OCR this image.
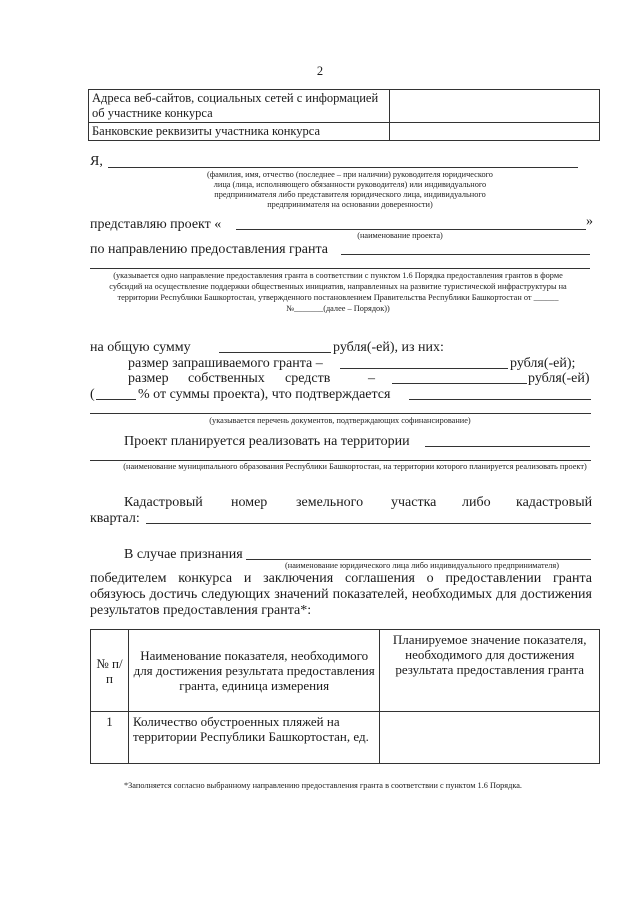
2
Адреса веб-сайтов, социальных сетей с информацией об участнике конкурса	
Банковские реквизиты участника конкурса	
Я,
(фамилия, имя, отчество (последнее – при наличии) руководителя юридического лица (лица, исполняющего обязанности руководителя) или индивидуального предпринимателя либо представителя юридического лица, индивидуального предпринимателя на основании доверенности)
представляю проект «	»
(наименование проекта)
по направлению предоставления гранта
(указывается одно направление предоставления гранта в соответствии с пунктом 1.6 Порядка предоставления грантов в форме субсидий на осуществление поддержки общественных инициатив, направленных на развитие туристической инфраструктуры на территории Республики Башкортостан, утвержденного постановлением Правительства Республики Башкортостан от ______ №_______(далее – Порядок))
на общую сумму	рубля(-ей), из них:
размер запрашиваемого гранта –	рубля(-ей);
размер собственных средств	–	рубля(-ей)
(	% от суммы проекта), что подтверждается
(указывается перечень документов, подтверждающих софинансирование)
Проект планируется реализовать на территории
(наименование муниципального образования Республики Башкортостан, на территории которого планируется реализовать проект)
Кадастровый номер земельного участка либо кадастровый
квартал:
В случае признания
(наименование юридического лица либо индивидуального предпринимателя)
победителем конкурса и заключения соглашения о предоставлении гранта обязуюсь достичь следующих значений показателей, необходимых для достижения результатов предоставления гранта*:
№ п/п	Наименование показателя, необходимого для достижения результата предоставления гранта, единица измерения	Планируемое значение показателя, необходимого для достижения результата предоставления гранта
1	Количество обустроенных пляжей на территории Республики Башкортостан, ед.	
*Заполняется согласно выбранному направлению предоставления гранта в соответствии с пунктом 1.6 Порядка.
